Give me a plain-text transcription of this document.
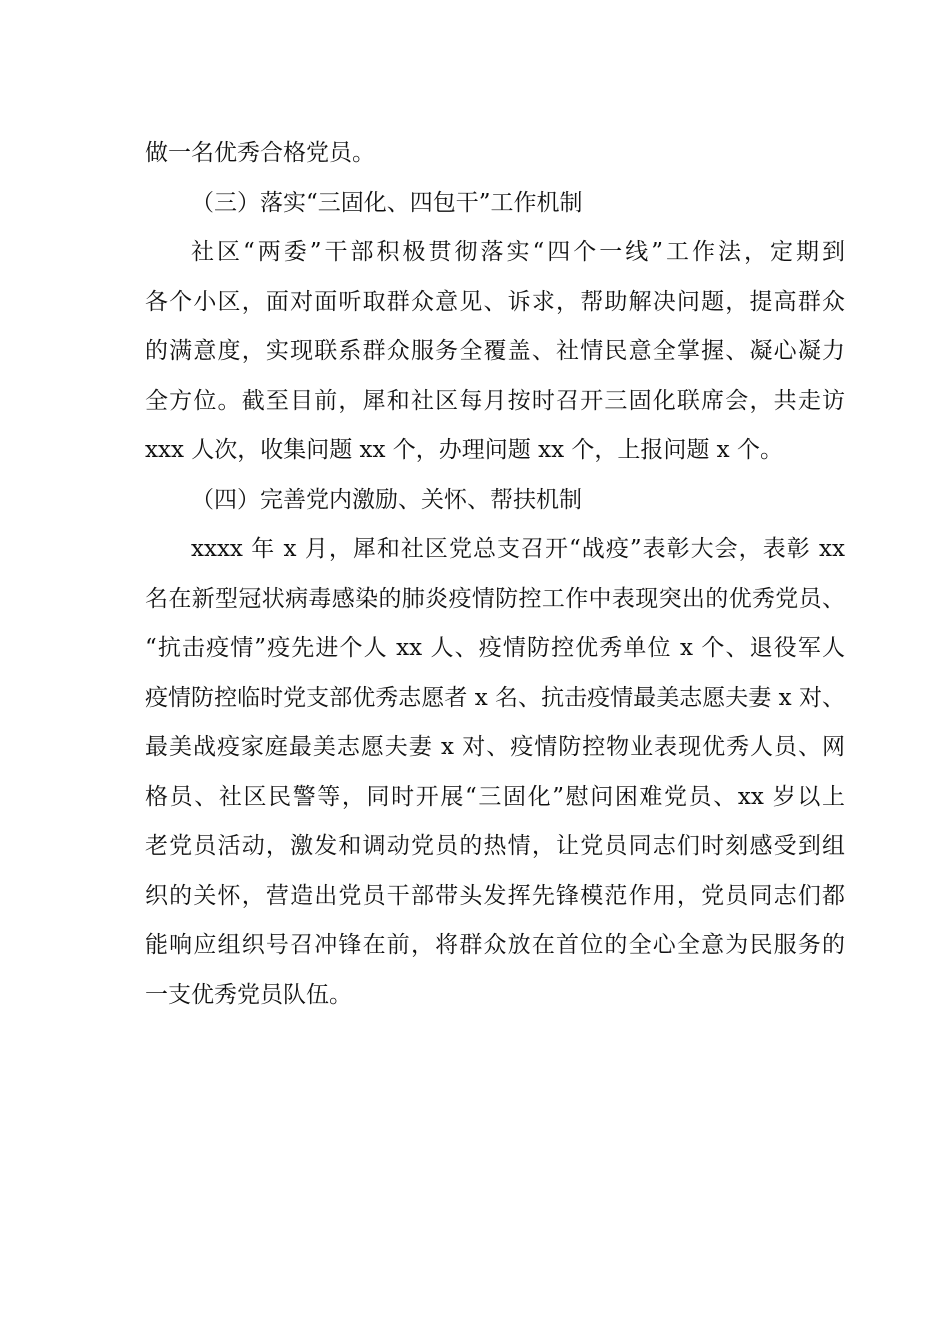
做一名优秀合格党员。
（三）落实“三固化、四包干”工作机制
社区“两委”干部积极贯彻落实“四个一线”工作法，定期到
各个小区，面对面听取群众意见、诉求，帮助解决问题，提高群众
的满意度，实现联系群众服务全覆盖、社情民意全掌握、凝心凝力
全方位。截至目前，犀和社区每月按时召开三固化联席会，共走访
xxx 人次，收集问题 xx 个，办理问题 xx 个，上报问题 x 个。
（四）完善党内激励、关怀、帮扶机制
xxxx 年 x 月，犀和社区党总支召开“战疫”表彰大会，表彰 xx
名在新型冠状病毒感染的肺炎疫情防控工作中表现突出的优秀党员、
“抗击疫情”疫先进个人 xx 人、疫情防控优秀单位 x 个、退役军人
疫情防控临时党支部优秀志愿者 x 名、抗击疫情最美志愿夫妻 x 对、
最美战疫家庭最美志愿夫妻 x 对、疫情防控物业表现优秀人员、网
格员、社区民警等，同时开展“三固化”慰问困难党员、xx 岁以上
老党员活动，激发和调动党员的热情，让党员同志们时刻感受到组
织的关怀，营造出党员干部带头发挥先锋模范作用，党员同志们都
能响应组织号召冲锋在前，将群众放在首位的全心全意为民服务的
一支优秀党员队伍。
